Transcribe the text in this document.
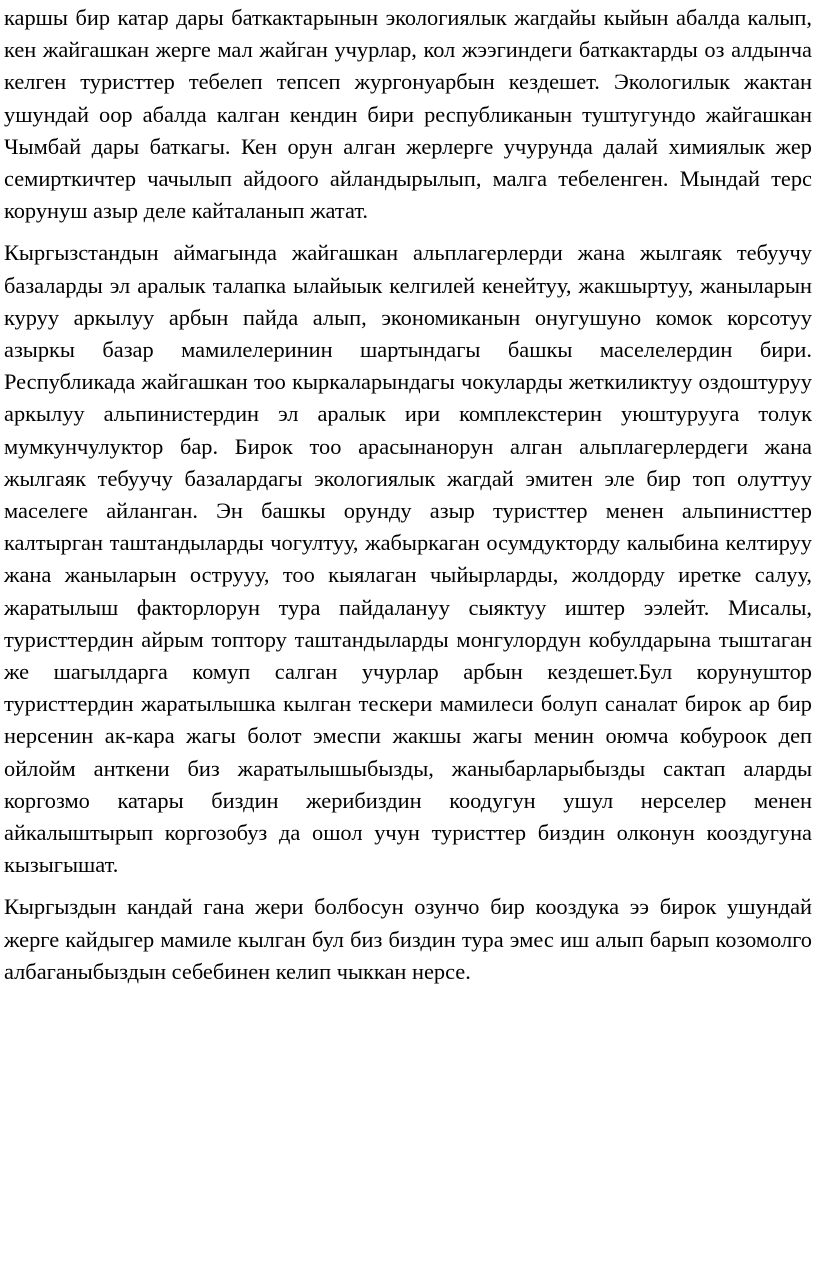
каршы бир катар дары баткактарынын экологиялык жагдайы кыйын абалда калып, кен жайгашкан жерге мал жайган учурлар, кол жээгиндеги баткактарды оз алдынча келген туристтер тебелеп тепсеп жургонуарбын кездешет. Экологилык жактан ушундай оор абалда калган кендин бири республиканын туштугундо жайгашкан Чымбай дары баткагы. Кен орун алган жерлерге учурунда далай химиялык жер семирткичтер чачылып айдоого айландырылып, малга тебеленген. Мындай терс корунуш азыр деле кайталанып жатат.

Кыргызстандын аймагында жайгашкан альплагерлерди жана жылгаяк тебуучу базаларды эл аралык талапка ылайыык келгилей кенейтуу, жакшыртуу, жаныларын куруу аркылуу арбын пайда алып, экономиканын онугушуно комок корсотуу азыркы базар мамилелеринин шартындагы башкы маселелердин бири. Республикада жайгашкан тоо кыркаларындагы чокуларды жеткиликтуу оздоштуруу аркылуу альпинистердин эл аралык ири комплекстерин уюштурууга толук мумкунчулуктор бар. Бирок тоо арасынанорун алган альплагерлердеги жана жылгаяк тебуучу базалардагы экологиялык жагдай эмитен эле бир топ олуттуу маселеге айланган. Эн башкы орунду азыр туристтер менен альпинисттер калтырган таштандыларды чогултуу, жабыркаган осумдукторду калыбина келтируу жана жаныларын острууу, тоо кыялаган чыйырларды, жолдорду иретке салуу, жаратылыш факторлорун тура пайдалануу сыяктуу иштер ээлейт. Мисалы, туристтердин айрым топтору таштандыларды монгулордун кобулдарына тыштаган же шагылдарга комуп салган учурлар арбын кездешет.Бул корунуштор туристтердин жаратылышка кылган тескери мамилеси болуп саналат бирок ар бир нерсенин ак-кара жагы болот эмеспи жакшы жагы менин оюмча кобуроок деп ойлойм анткени биз жаратылышыбызды, жаныбарларыбызды сактап аларды коргозмо катары биздин жерибиздин коодугун ушул нерселер менен айкалыштырып коргозобуз да ошол учун туристтер биздин олконун кооздугуна кызыгышат.

Кыргыздын кандай гана жери болбосун озунчо бир кооздука ээ бирок ушундай жерге кайдыгер мамиле кылган бул биз биздин тура эмес иш алып барып козомолго албаганыбыздын себебинен келип чыккан нерсе.
